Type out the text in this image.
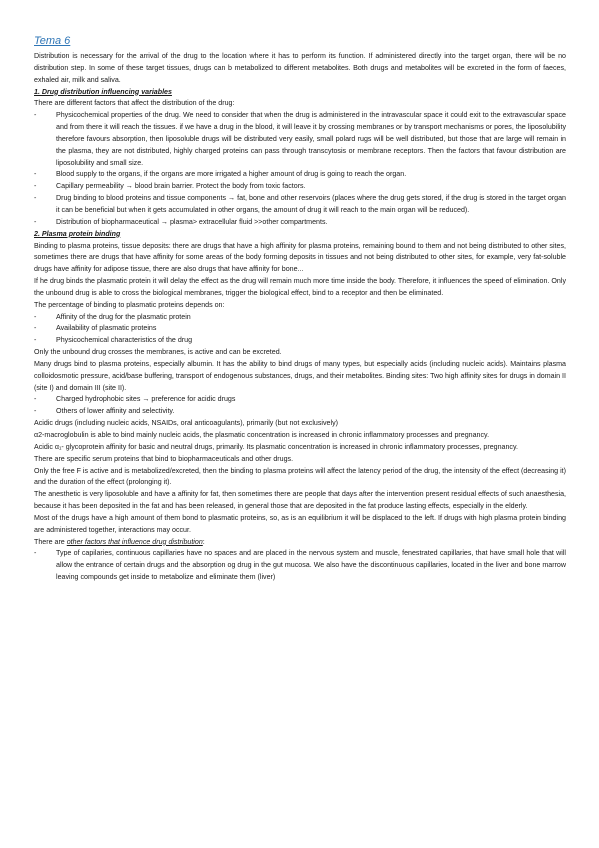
Tema 6

Distribution is necessary for the arrival of the drug to the location where it has to perform its function. If administered directly into the target organ, there will be no distribution step. In some of these target tissues, drugs can b metabolized to different metabolites. Both drugs and metabolites will be excreted in the form of faeces, exhaled air, milk and saliva.

1. Drug distribution influencing variables

There are different factors that affect the distribution of the drug:

- Physicochemical properties of the drug. We need to consider that when the drug is administered in the intravascular space it could exit to the extravascular space and from there it will reach the tissues. if we have a drug in the blood, it will leave it by crossing membranes or by transport mechanisms or pores, the liposolubility therefore favours absorption, then liposoluble drugs will be distributed very easily, small polard rugs will be well distributed, but those that are large will remain in the plasma, they are not distributed, highly charged proteins can pass through transcytosis or membrane receptors. Then the factors that favour distribution are liposolubility and small size.
- Blood supply to the organs, if the organs are more irrigated a higher amount of drug is going to reach the organ.
- Capillary permeability → blood brain barrier. Protect the body from toxic factors.
- Drug binding to blood proteins and tissue components → fat, bone and other reservoirs (places where the drug gets stored, if the drug is stored in the target organ it can be beneficial but when it gets accumulated in other organs, the amount of drug it will reach to the main organ will be reduced).
- Distribution of biopharmaceutical → plasma> extracellular fluid >>other compartments.

2. Plasma protein binding

Binding to plasma proteins, tissue deposits: there are drugs that have a high affinity for plasma proteins, remaining bound to them and not being distributed to other sites, sometimes there are drugs that have affinity for some areas of the body forming deposits in tissues and not being distributed to other sites, for example, very fat-soluble drugs have affinity for adipose tissue, there are also drugs that have affinity for bone...

If he drug binds the plasmatic protein it will delay the effect as the drug will remain much more time inside the body. Therefore, it influences the speed of elimination. Only the unbound drug is able to cross the biological membranes, trigger the biological effect, bind to a receptor and then be eliminated.

The percentage of binding to plasmatic proteins depends on:

- Affinity of the drug for the plasmatic protein
- Availability of plasmatic proteins
- Physicochemical characteristics of the drug

Only the unbound drug crosses the membranes, is active and can be excreted.

Many drugs bind to plasma proteins, especially albumin. It has the ability to bind drugs of many types, but especially acids (including nucleic acids). Maintains plasma colloidosmotic pressure, acid/base buffering, transport of endogenous substances, drugs, and their metabolites. Binding sites: Two high affinity sites for drugs in domain II (site I) and domain III (site II).

- Charged hydrophobic sites → preference for acidic drugs
- Others of lower affinity and selectivity.

Acidic drugs (including nucleic acids, NSAIDs, oral anticoagulants), primarily (but not exclusively)

α2-macroglobulin is able to bind mainly nucleic acids, the plasmatic concentration is increased in chronic inflammatory processes and pregnancy.

Acidic α₁- glycoprotein affinity for basic and neutral drugs, primarily. Its plasmatic concentration is increased in chronic inflammatory processes, pregnancy.

There are specific serum proteins that bind to biopharmaceuticals and other drugs.

Only the free F is active and is metabolized/excreted, then the binding to plasma proteins will affect the latency period of the drug, the intensity of the effect (decreasing it) and the duration of the effect (prolonging it).

The anesthetic is very liposoluble and have a affinity for fat, then sometimes there are people that days after the intervention present residual effects of such anaesthesia, because it has been deposited in the fat and has been released, in general those that are deposited in the fat produce lasting effects, especially in the elderly.

Most of the drugs have a high amount of them bond to plasmatic proteins, so, as is an equilibrium it will be displaced to the left. If drugs with high plasma protein binding are administered together, interactions may occur.

There are other factors that influence drug distribution:

- Type of capilaries, continuous capillaries have no spaces and are placed in the nervous system and muscle, fenestrated capillaries, that have small hole that will allow the entrance of certain drugs and the absorption og drug in the gut mucosa. We also have the discontinuous capillaries, located in the liver and bone marrow leaving compounds get inside to metabolize and eliminate them (liver)
